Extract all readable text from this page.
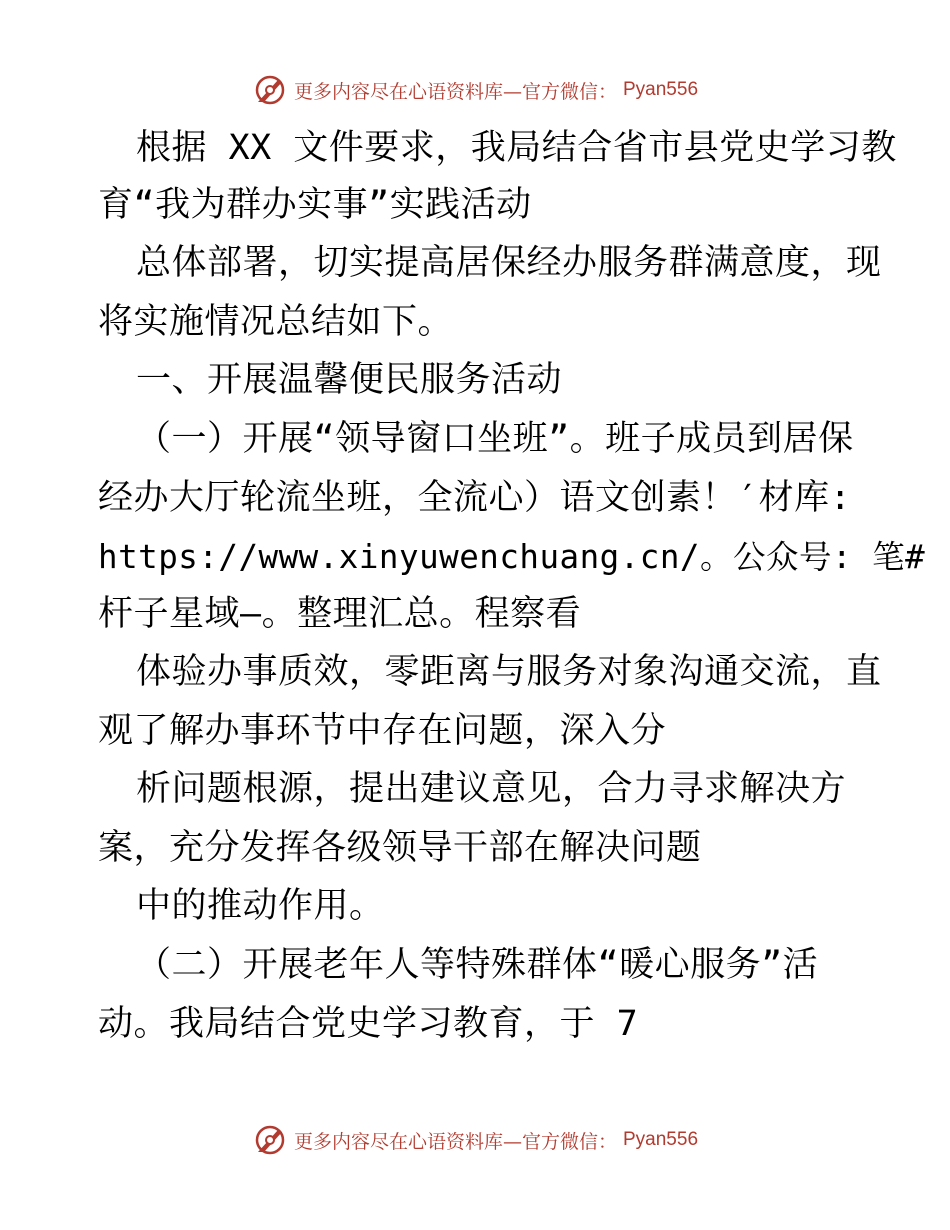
更多内容尽在心语资料库—官方微信： Pyan556
根据 XX 文件要求，我局结合省市县党史学习教
育“我为群办实事”实践活动
总体部署，切实提高居保经办服务群满意度，现
将实施情况总结如下。
一、开展温馨便民服务活动
（一）开展“领导窗口坐班”。班子成员到居保
经办大厅轮流坐班，全流心）语文创素！′材库:
https://www.xinyuwenchuang.cn/。公众号: 笔#
杆子星域—。整理汇总。程察看
体验办事质效，零距离与服务对象沟通交流，直
观了解办事环节中存在问题，深入分
析问题根源，提出建议意见，合力寻求解决方
案，充分发挥各级领导干部在解决问题
中的推动作用。
（二）开展老年人等特殊群体“暖心服务”活
动。我局结合党史学习教育，于 7
更多内容尽在心语资料库—官方微信： Pyan556
